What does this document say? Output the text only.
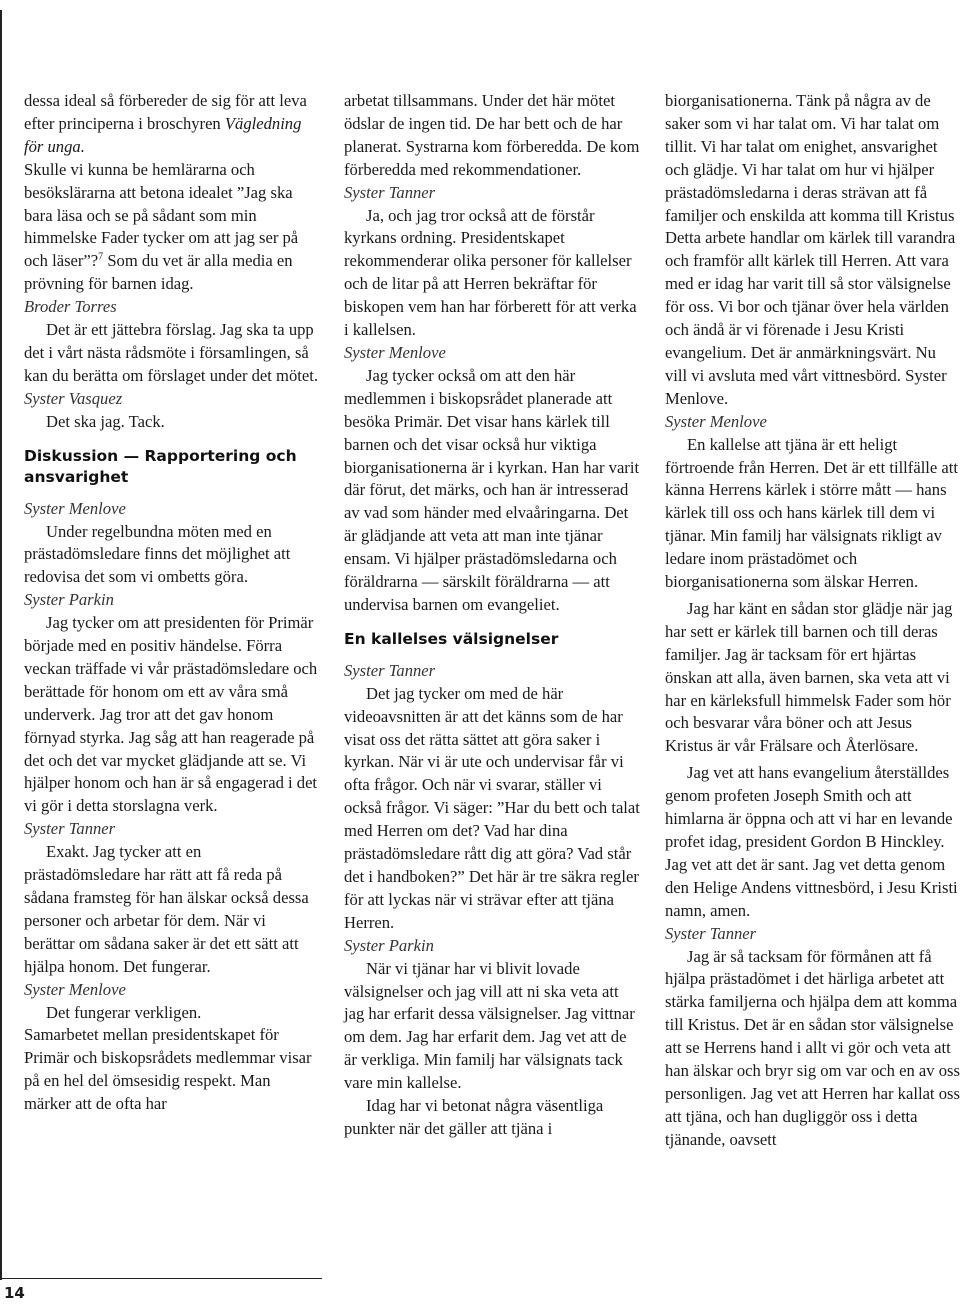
14

dessa ideal så förbereder de sig för att leva efter principerna i broschyren Vägledning för unga.

Skulle vi kunna be hemlärarna och besökslärarna att betona idealet ”Jag ska bara läsa och se på sådant som min himmelske Fader tycker om att jag ser på och läser”?$^7$ Som du vet är alla media en prövning för barnen idag.

Broder Torres

Det är ett jättebra förslag. Jag ska ta upp det i vårt nästa rådsmöte i församlingen, så kan du berätta om förslaget under det mötet.

Syster Vasquez

Det ska jag. Tack.

Diskussion — Rapportering och ansvarighet

Syster Menlove

Under regelbundna möten med en prästadömsledare finns det möjlighet att redovisa det som vi ombetts göra.

Syster Parkin

Jag tycker om att presidenten för Primär började med en positiv händelse. Förra veckan träffade vi vår prästadömsledare och berättade för honom om ett av våra små underverk. Jag tror att det gav honom förnyad styrka. Jag såg att han reagerade på det och det var mycket glädjande att se. Vi hjälper honom och han är så engagerad i det vi gör i detta storslagna verk.

Syster Tanner

Exakt. Jag tycker att en prästadömsledare har rätt att få reda på sådana framsteg för han älskar också dessa personer och arbetar för dem. När vi berättar om sådana saker är det ett sätt att hjälpa honom. Det fungerar.

Syster Menlove

Det fungerar verkligen.

Samarbetet mellan presidentskapet för Primär och biskopsrådets medlemmar visar på en hel del ömsesidig respekt. Man märker att de ofta har

arbetat tillsammans. Under det här mötet ödslar de ingen tid. De har bett och de har planerat. Systrarna kom förberedda. De kom förberedda med rekommendationer.

Syster Tanner

Ja, och jag tror också att de förstår kyrkans ordning. Presidentskapet rekommenderar olika personer för kallelser och de litar på att Herren bekräftar för biskopen vem han har förberett för att verka i kallelsen.

Syster Menlove

Jag tycker också om att den här medlemmen i biskopsrådet planerade att besöka Primär. Det visar hans kärlek till barnen och det visar också hur viktiga biorganisationerna är i kyrkan. Han har varit där förut, det märks, och han är intresserad av vad som händer med elvaåringarna. Det är glädjande att veta att man inte tjänar ensam. Vi hjälper prästadömsledarna och föräldrarna — särskilt föräldrarna — att undervisa barnen om evangeliet.

En kallelses välsignelser

Syster Tanner

Det jag tycker om med de här videoavsnitten är att det känns som de har visat oss det rätta sättet att göra saker i kyrkan. När vi är ute och undervisar får vi ofta frågor. Och när vi svarar, ställer vi också frågor. Vi säger: ”Har du bett och talat med Herren om det? Vad har dina prästadömsledare rått dig att göra? Vad står det i handboken?” Det här är tre säkra regler för att lyckas när vi strävar efter att tjäna Herren.

Syster Parkin

När vi tjänar har vi blivit lovade välsignelser och jag vill att ni ska veta att jag har erfarit dessa välsignelser. Jag vittnar om dem. Jag har erfarit dem. Jag vet att de är verkliga. Min familj har välsignats tack vare min kallelse.

Idag har vi betonat några väsentliga punkter när det gäller att tjäna i

biorganisationerna. Tänk på några av de saker som vi har talat om. Vi har talat om tillit. Vi har talat om enighet, ansvarighet och glädje. Vi har talat om hur vi hjälper prästadömsledarna i deras strävan att få familjer och enskilda att komma till Kristus Detta arbete handlar om kärlek till varandra och framför allt kärlek till Herren. Att vara med er idag har varit till så stor välsignelse för oss. Vi bor och tjänar över hela världen och ändå är vi förenade i Jesu Kristi evangelium. Det är anmärkningsvärt. Nu vill vi avsluta med vårt vittnesbörd. Syster Menlove.

Syster Menlove

En kallelse att tjäna är ett heligt förtroende från Herren. Det är ett tillfälle att känna Herrens kärlek i större mått — hans kärlek till oss och hans kärlek till dem vi tjänar. Min familj har välsignats rikligt av ledare inom prästadömet och biorganisationerna som älskar Herren.

Jag har känt en sådan stor glädje när jag har sett er kärlek till barnen och till deras familjer. Jag är tacksam för ert hjärtas önskan att alla, även barnen, ska veta att vi har en kärleksfull himmelsk Fader som hör och besvarar våra böner och att Jesus Kristus är vår Frälsare och Återlösare.

Jag vet att hans evangelium återställdes genom profeten Joseph Smith och att himlarna är öppna och att vi har en levande profet idag, president Gordon B Hinckley. Jag vet att det är sant. Jag vet detta genom den Helige Andens vittnesbörd, i Jesu Kristi namn, amen.

Syster Tanner

Jag är så tacksam för förmånen att få hjälpa prästadömet i det härliga arbetet att stärka familjerna och hjälpa dem att komma till Kristus. Det är en sådan stor välsignelse att se Herrens hand i allt vi gör och veta att han älskar och bryr sig om var och en av oss personligen. Jag vet att Herren har kallat oss att tjäna, och han dugliggör oss i detta tjänande, oavsett
